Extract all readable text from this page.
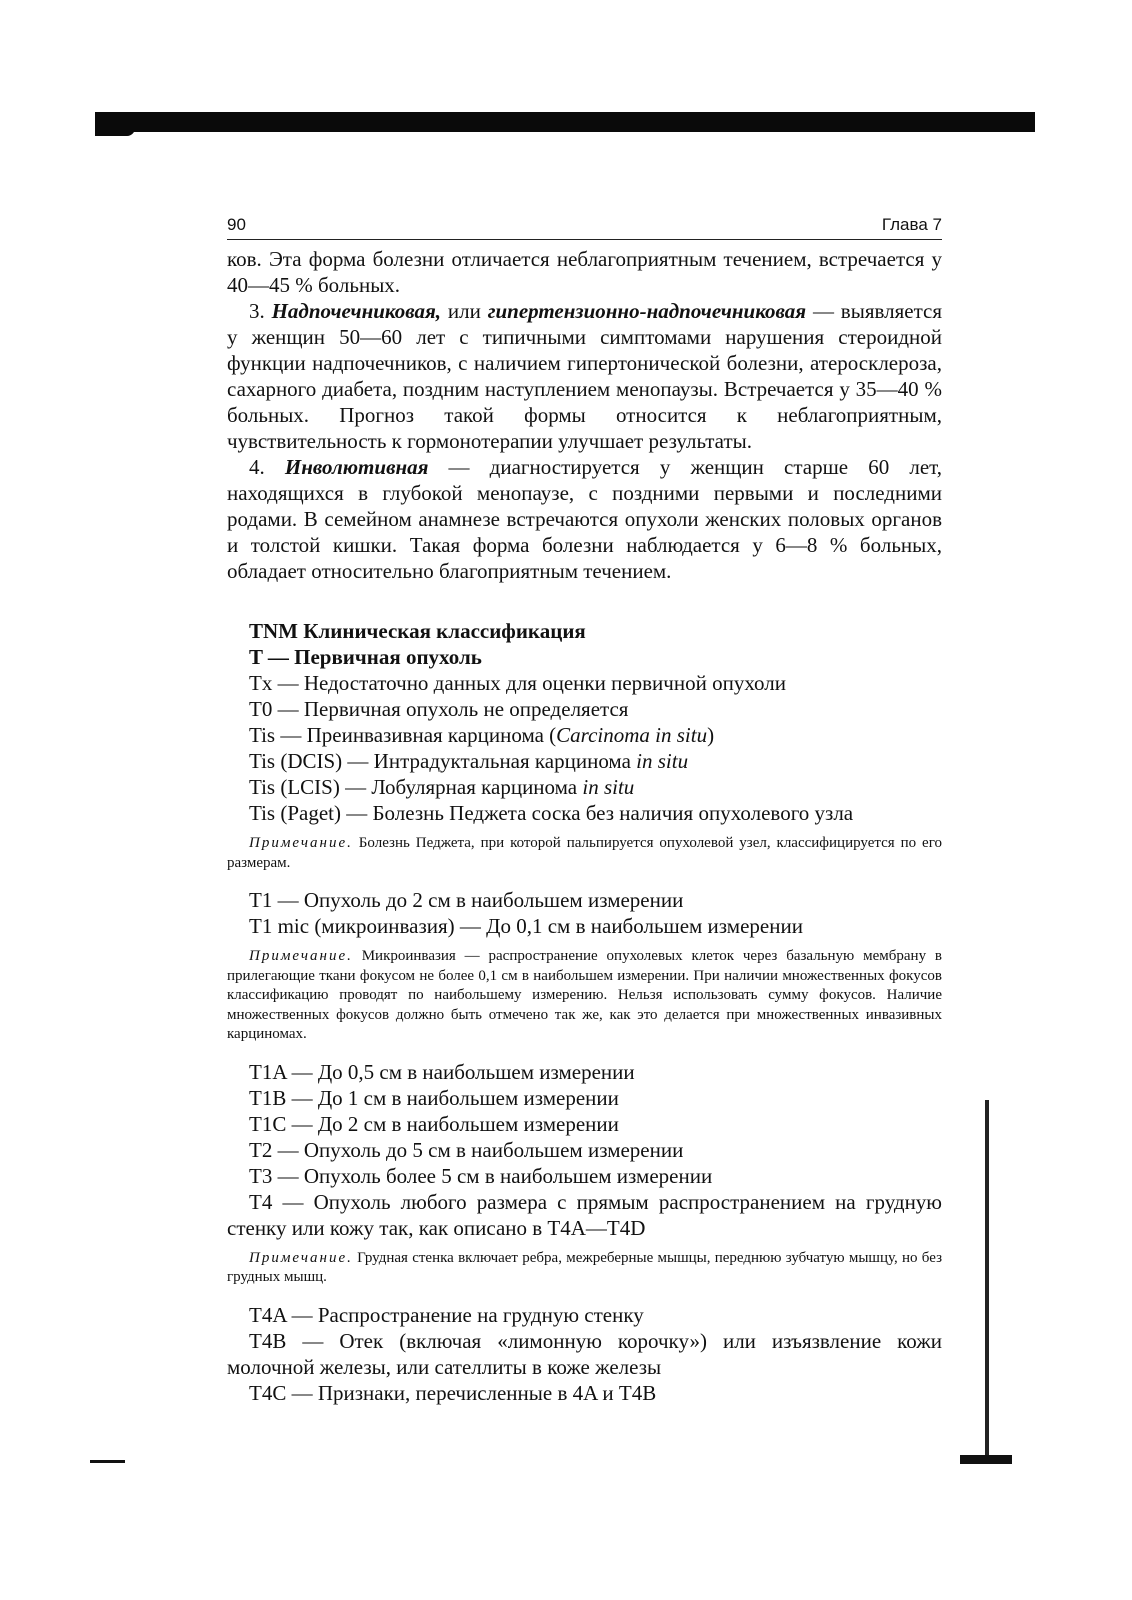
90	Глава 7

ков. Эта форма болезни отличается неблагоприятным течением, встречается у 40—45 % больных.

3. Надпочечниковая, или гипертензионно-надпочечниковая — выявляется у женщин 50—60 лет с типичными симптомами нарушения стероидной функции надпочечников, с наличием гипертонической болезни, атеросклероза, сахарного диабета, поздним наступлением менопаузы. Встречается у 35—40 % больных. Прогноз такой формы относится к неблагоприятным, чувствительность к гормонотерапии улучшает результаты.

4. Инволютивная — диагностируется у женщин старше 60 лет, находящихся в глубокой менопаузе, с поздними первыми и последними родами. В семейном анамнезе встречаются опухоли женских половых органов и толстой кишки. Такая форма болезни наблюдается у 6—8 % больных, обладает относительно благоприятным течением.

TNM Клиническая классификация
T — Первичная опухоль

Tx — Недостаточно данных для оценки первичной опухоли

T0 — Первичная опухоль не определяется

Tis — Преинвазивная карцинома (Carcinoma in situ)

Tis (DCIS) — Интрадуктальная карцинома in situ

Tis (LCIS) — Лобулярная карцинома in situ

Tis (Paget) — Болезнь Педжета соска без наличия опухолевого узла

Примечание. Болезнь Педжета, при которой пальпируется опухолевой узел, классифицируется по его размерам.

T1 — Опухоль до 2 см в наибольшем измерении

T1 mic (микроинвазия) — До 0,1 см в наибольшем измерении

Примечание. Микроинвазия — распространение опухолевых клеток через базальную мембрану в прилегающие ткани фокусом не более 0,1 см в наибольшем измерении. При наличии множественных фокусов классификацию проводят по наибольшему измерению. Нельзя использовать сумму фокусов. Наличие множественных фокусов должно быть отмечено так же, как это делается при множественных инвазивных карциномах.

T1A — До 0,5 см в наибольшем измерении

T1B — До 1 см в наибольшем измерении

T1C — До 2 см в наибольшем измерении

T2 — Опухоль до 5 см в наибольшем измерении

T3 — Опухоль более 5 см в наибольшем измерении

T4 — Опухоль любого размера с прямым распространением на грудную стенку или кожу так, как описано в T4A—T4D

Примечание. Грудная стенка включает ребра, межреберные мышцы, переднюю зубчатую мышцу, но без грудных мышц.

T4A — Распространение на грудную стенку

T4B — Отек (включая «лимонную корочку») или изъязвление кожи молочной железы, или сателлиты в коже железы

T4C — Признаки, перечисленные в 4A и T4B
